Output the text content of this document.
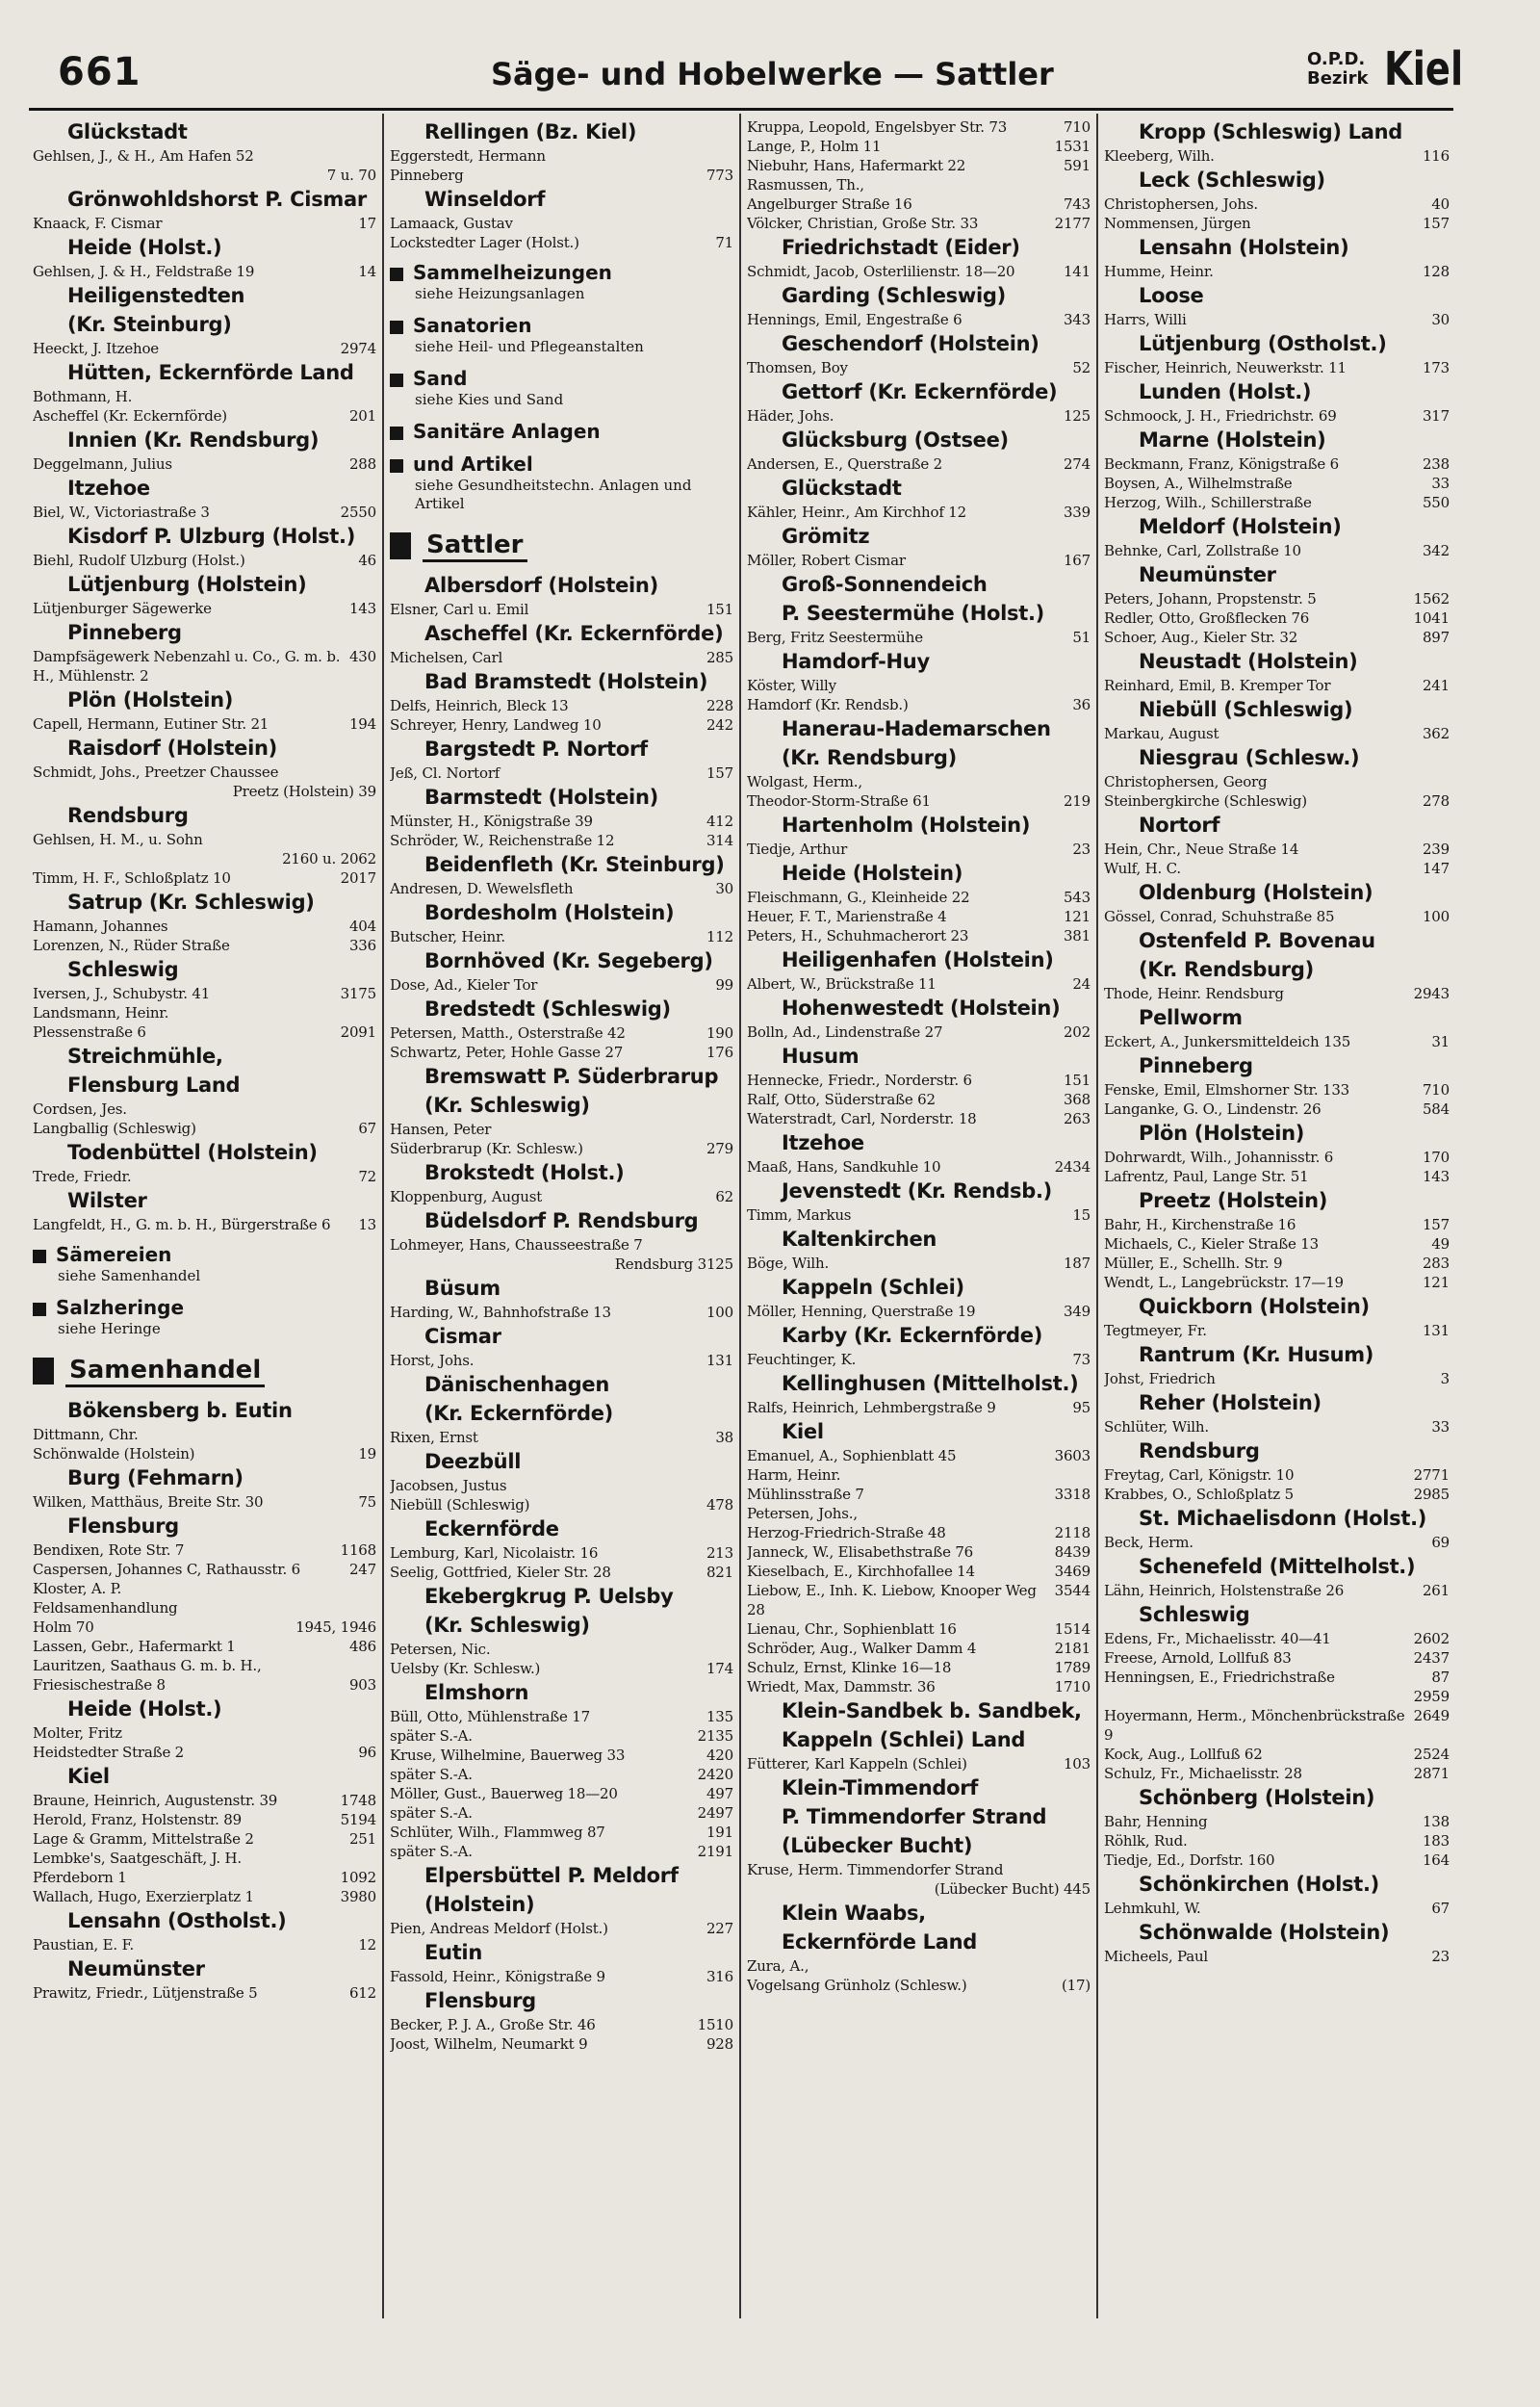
661	Säge- und Hobelwerke — Sattler	O.P.D.
Bezirk Kiel
Glückstadt
Gehlsen, J., & H., Am Hafen 52
7 u. 70
Grönwohldshorst P. Cismar
17
Knaack, F. Cismar
Heide (Holst.)
14
Gehlsen, J. & H., Feldstraße 19
Heiligenstedten
(Kr. Steinburg)
2974
Heeckt, J. Itzehoe
Hütten, Eckernförde Land
Bothmann, H.
201
Ascheffel (Kr. Eckernförde)
Innien (Kr. Rendsburg)
288
Deggelmann, Julius
Itzehoe
2550
Biel, W., Victoriastraße 3
Kisdorf P. Ulzburg (Holst.)
46
Biehl, Rudolf Ulzburg (Holst.)
Lütjenburg (Holstein)
143
Lütjenburger Sägewerke
Pinneberg
430
Dampfsägewerk Nebenzahl u. Co., G. m. b. H., Mühlenstr. 2
Plön (Holstein)
194
Capell, Hermann, Eutiner Str. 21
Raisdorf (Holstein)
Schmidt, Johs., Preetzer Chaussee
Preetz (Holstein) 39
Rendsburg
Gehlsen, H. M., u. Sohn
2160 u. 2062
2017
Timm, H. F., Schloßplatz 10
Satrup (Kr. Schleswig)
404
Hamann, Johannes
336
Lorenzen, N., Rüder Straße
Schleswig
3175
Iversen, J., Schubystr. 41
Landsmann, Heinr.
2091
Plessenstraße 6
Streichmühle,
Flensburg Land
Cordsen, Jes.
67
Langballig (Schleswig)
Todenbüttel (Holstein)
72
Trede, Friedr.
Wilster
13
Langfeldt, H., G. m. b. H., Bürgerstraße 6
Sämereien
siehe Samenhandel
Salzheringe
siehe Heringe
Samenhandel
Bökensberg b. Eutin
Dittmann, Chr.
19
Schönwalde (Holstein)
Burg (Fehmarn)
75
Wilken, Matthäus, Breite Str. 30
Flensburg
1168
Bendixen, Rote Str. 7
247
Caspersen, Johannes C, Rathausstr. 6
Kloster, A. P.
Feldsamenhandlung
1945, 1946
Holm 70
486
Lassen, Gebr., Hafermarkt 1
Lauritzen, Saathaus G. m. b. H.,
903
Friesischestraße 8
Heide (Holst.)
Molter, Fritz
96
Heidstedter Straße 2
Kiel
1748
Braune, Heinrich, Augustenstr. 39
5194
Herold, Franz, Holstenstr. 89
251
Lage & Gramm, Mittelstraße 2
Lembke's, Saatgeschäft, J. H.
1092
Pferdeborn 1
3980
Wallach, Hugo, Exerzierplatz 1
Lensahn (Ostholst.)
12
Paustian, E. F.
Neumünster
612
Prawitz, Friedr., Lütjenstraße 5
Rellingen (Bz. Kiel)
Eggerstedt, Hermann
773
Pinneberg
Winseldorf
Lamaack, Gustav
71
Lockstedter Lager (Holst.)
Sammelheizungen
siehe Heizungsanlagen
Sanatorien
siehe Heil- und Pflegeanstalten
Sand
siehe Kies und Sand
Sanitäre Anlagen
und Artikel
siehe Gesundheitstechn. Anlagen und Artikel
Sattler
Albersdorf (Holstein)
151
Elsner, Carl u. Emil
Ascheffel (Kr. Eckernförde)
285
Michelsen, Carl
Bad Bramstedt (Holstein)
228
Delfs, Heinrich, Bleck 13
242
Schreyer, Henry, Landweg 10
Bargstedt P. Nortorf
157
Jeß, Cl. Nortorf
Barmstedt (Holstein)
412
Münster, H., Königstraße 39
314
Schröder, W., Reichenstraße 12
Beidenfleth (Kr. Steinburg)
30
Andresen, D. Wewelsfleth
Bordesholm (Holstein)
112
Butscher, Heinr.
Bornhöved (Kr. Segeberg)
99
Dose, Ad., Kieler Tor
Bredstedt (Schleswig)
190
Petersen, Matth., Osterstraße 42
176
Schwartz, Peter, Hohle Gasse 27
Bremswatt P. Süderbrarup
(Kr. Schleswig)
Hansen, Peter
279
Süderbrarup (Kr. Schlesw.)
Brokstedt (Holst.)
62
Kloppenburg, August
Büdelsdorf P. Rendsburg
Lohmeyer, Hans, Chausseestraße 7
Rendsburg 3125
Büsum
100
Harding, W., Bahnhofstraße 13
Cismar
131
Horst, Johs.
Dänischenhagen
(Kr. Eckernförde)
38
Rixen, Ernst
Deezbüll
Jacobsen, Justus
478
Niebüll (Schleswig)
Eckernförde
213
Lemburg, Karl, Nicolaistr. 16
821
Seelig, Gottfried, Kieler Str. 28
Ekebergkrug P. Uelsby
(Kr. Schleswig)
Petersen, Nic.
174
Uelsby (Kr. Schlesw.)
Elmshorn
135
Büll, Otto, Mühlenstraße 17
2135
später S.-A.
420
Kruse, Wilhelmine, Bauerweg 33
2420
später S.-A.
497
Möller, Gust., Bauerweg 18—20
2497
später S.-A.
191
Schlüter, Wilh., Flammweg 87
2191
später S.-A.
Elpersbüttel P. Meldorf
(Holstein)
227
Pien, Andreas Meldorf (Holst.)
Eutin
316
Fassold, Heinr., Königstraße 9
Flensburg
1510
Becker, P. J. A., Große Str. 46
928
Joost, Wilhelm, Neumarkt 9
710
Kruppa, Leopold, Engelsbyer Str. 73
1531
Lange, P., Holm 11
591
Niebuhr, Hans, Hafermarkt 22
Rasmussen, Th.,
743
Angelburger Straße 16
2177
Völcker, Christian, Große Str. 33
Friedrichstadt (Eider)
141
Schmidt, Jacob, Osterlilienstr. 18—20
Garding (Schleswig)
343
Hennings, Emil, Engestraße 6
Geschendorf (Holstein)
52
Thomsen, Boy
Gettorf (Kr. Eckernförde)
125
Häder, Johs.
Glücksburg (Ostsee)
274
Andersen, E., Querstraße 2
Glückstadt
339
Kähler, Heinr., Am Kirchhof 12
Grömitz
167
Möller, Robert Cismar
Groß-Sonnendeich
P. Seestermühe (Holst.)
51
Berg, Fritz Seestermühe
Hamdorf-Huy
Köster, Willy
36
Hamdorf (Kr. Rendsb.)
Hanerau-Hademarschen
(Kr. Rendsburg)
Wolgast, Herm.,
219
Theodor-Storm-Straße 61
Hartenholm (Holstein)
23
Tiedje, Arthur
Heide (Holstein)
543
Fleischmann, G., Kleinheide 22
121
Heuer, F. T., Marienstraße 4
381
Peters, H., Schuhmacherort 23
Heiligenhafen (Holstein)
24
Albert, W., Brückstraße 11
Hohenwestedt (Holstein)
202
Bolln, Ad., Lindenstraße 27
Husum
151
Hennecke, Friedr., Norderstr. 6
368
Ralf, Otto, Süderstraße 62
263
Waterstradt, Carl, Norderstr. 18
Itzehoe
2434
Maaß, Hans, Sandkuhle 10
Jevenstedt (Kr. Rendsb.)
15
Timm, Markus
Kaltenkirchen
187
Böge, Wilh.
Kappeln (Schlei)
349
Möller, Henning, Querstraße 19
Karby (Kr. Eckernförde)
73
Feuchtinger, K.
Kellinghusen (Mittelholst.)
95
Ralfs, Heinrich, Lehmbergstraße 9
Kiel
3603
Emanuel, A., Sophienblatt 45
Harm, Heinr.
3318
Mühlinsstraße 7
Petersen, Johs.,
2118
Herzog-Friedrich-Straße 48
8439
Janneck, W., Elisabethstraße 76
3469
Kieselbach, E., Kirchhofallee 14
3544
Liebow, E., Inh. K. Liebow, Knooper Weg 28
1514
Lienau, Chr., Sophienblatt 16
2181
Schröder, Aug., Walker Damm 4
1789
Schulz, Ernst, Klinke 16—18
1710
Wriedt, Max, Dammstr. 36
Klein-Sandbek b. Sandbek,
Kappeln (Schlei) Land
103
Fütterer, Karl Kappeln (Schlei)
Klein-Timmendorf
P. Timmendorfer Strand
(Lübecker Bucht)
Kruse, Herm. Timmendorfer Strand
(Lübecker Bucht) 445
Klein Waabs,
Eckernförde Land
Zura, A.,
(17)
Vogelsang Grünholz (Schlesw.)
Kropp (Schleswig) Land
116
Kleeberg, Wilh.
Leck (Schleswig)
40
Christophersen, Johs.
157
Nommensen, Jürgen
Lensahn (Holstein)
128
Humme, Heinr.
Loose
30
Harrs, Willi
Lütjenburg (Ostholst.)
173
Fischer, Heinrich, Neuwerkstr. 11
Lunden (Holst.)
317
Schmoock, J. H., Friedrichstr. 69
Marne (Holstein)
238
Beckmann, Franz, Königstraße 6
33
Boysen, A., Wilhelmstraße
550
Herzog, Wilh., Schillerstraße
Meldorf (Holstein)
342
Behnke, Carl, Zollstraße 10
Neumünster
1562
Peters, Johann, Propstenstr. 5
1041
Redler, Otto, Großflecken 76
897
Schoer, Aug., Kieler Str. 32
Neustadt (Holstein)
241
Reinhard, Emil, B. Kremper Tor
Niebüll (Schleswig)
362
Markau, August
Niesgrau (Schlesw.)
Christophersen, Georg
278
Steinbergkirche (Schleswig)
Nortorf
239
Hein, Chr., Neue Straße 14
147
Wulf, H. C.
Oldenburg (Holstein)
100
Gössel, Conrad, Schuhstraße 85
Ostenfeld P. Bovenau
(Kr. Rendsburg)
2943
Thode, Heinr. Rendsburg
Pellworm
31
Eckert, A., Junkersmitteldeich 135
Pinneberg
710
Fenske, Emil, Elmshorner Str. 133
584
Langanke, G. O., Lindenstr. 26
Plön (Holstein)
170
Dohrwardt, Wilh., Johannisstr. 6
143
Lafrentz, Paul, Lange Str. 51
Preetz (Holstein)
157
Bahr, H., Kirchenstraße 16
49
Michaels, C., Kieler Straße 13
283
Müller, E., Schellh. Str. 9
121
Wendt, L., Langebrückstr. 17—19
Quickborn (Holstein)
131
Tegtmeyer, Fr.
Rantrum (Kr. Husum)
3
Johst, Friedrich
Reher (Holstein)
33
Schlüter, Wilh.
Rendsburg
2771
Freytag, Carl, Königstr. 10
2985
Krabbes, O., Schloßplatz 5
St. Michaelisdonn (Holst.)
69
Beck, Herm.
Schenefeld (Mittelholst.)
261
Lähn, Heinrich, Holstenstraße 26
Schleswig
2602
Edens, Fr., Michaelisstr. 40—41
2437
Freese, Arnold, Lollfuß 83
87
Henningsen, E., Friedrichstraße
2959
2649
Hoyermann, Herm., Mönchenbrückstraße 9
2524
Kock, Aug., Lollfuß 62
2871
Schulz, Fr., Michaelisstr. 28
Schönberg (Holstein)
138
Bahr, Henning
183
Röhlk, Rud.
164
Tiedje, Ed., Dorfstr. 160
Schönkirchen (Holst.)
67
Lehmkuhl, W.
Schönwalde (Holstein)
23
Micheels, Paul
